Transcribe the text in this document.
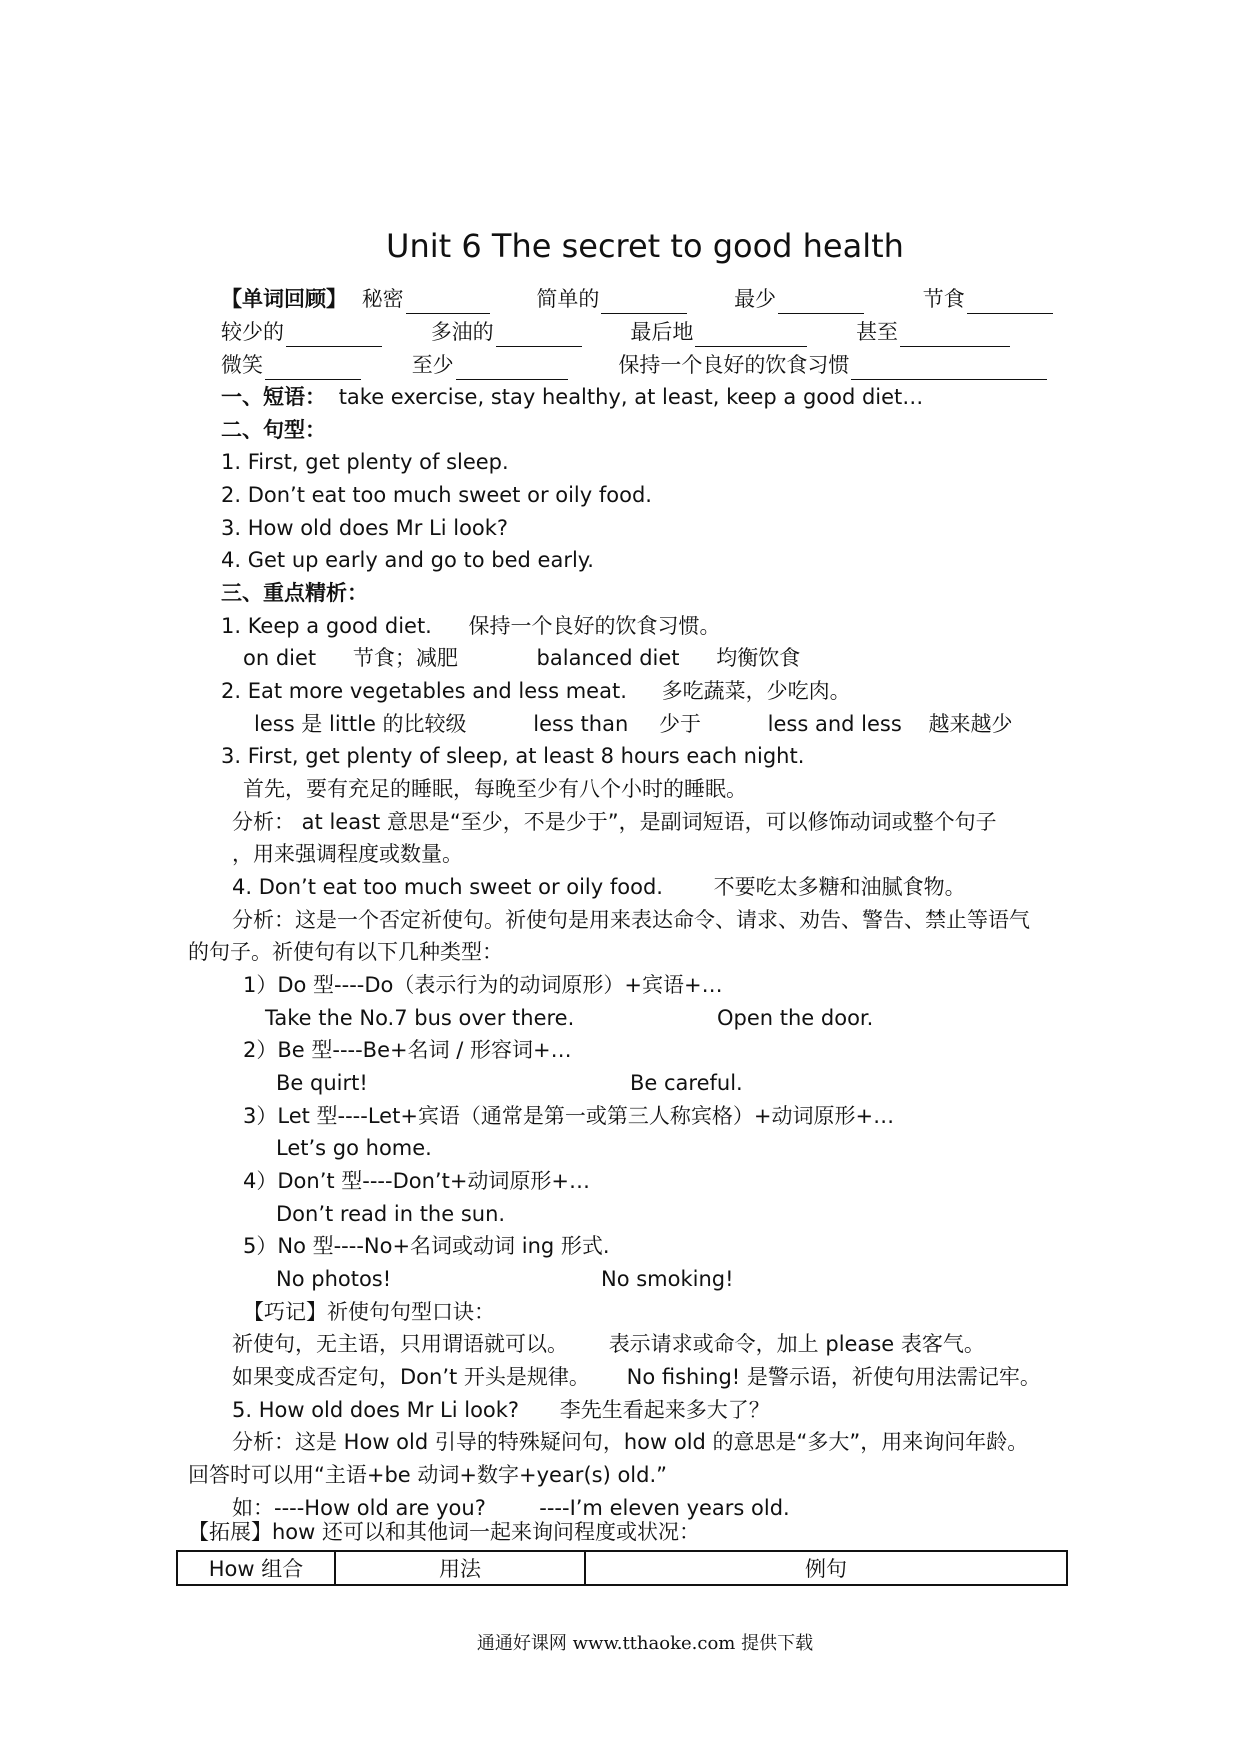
Unit 6 The secret to good health
【单词回顾】 秘密	简单的	最少	节食
较少的	多油的	最后地	甚至
微笑	至少	保持一个良好的饮食习惯
一、短语： take exercise, stay healthy, at least, keep a good diet…
二、句型：
1. First, get plenty of sleep.
2. Don’t eat too much sweet or oily food.
3. How old does Mr Li look?
4. Get up early and go to bed early.
三、重点精析：
1. Keep a good diet. 保持一个良好的饮食习惯。
on diet 节食；减肥	balanced diet 均衡饮食
2. Eat more vegetables and less meat. 多吃蔬菜，少吃肉。
less 是 little 的比较级	less than 少于	less and less 越来越少
3. First, get plenty of sleep, at least 8 hours each night.
首先，要有充足的睡眠，每晚至少有八个小时的睡眠。
分析： at least 意思是“至少，不是少于”，是副词短语，可以修饰动词或整个句子
，用来强调程度或数量。
4. Don’t eat too much sweet or oily food. 不要吃太多糖和油腻食物。
分析：这是一个否定祈使句。祈使句是用来表达命令、请求、劝告、警告、禁止等语气
的句子。祈使句有以下几种类型：
1）Do 型----Do（表示行为的动词原形）+宾语+…
Take the No.7 bus over there.	Open the door.
2）Be 型----Be+名词 / 形容词+…
Be quirt!	Be careful.
3）Let 型----Let+宾语（通常是第一或第三人称宾格）+动词原形+…
Let’s go home.
4）Don’t 型----Don’t+动词原形+…
Don’t read in the sun.
5）No 型----No+名词或动词 ing 形式.
No photos!	No smoking!
【巧记】祈使句句型口诀：
祈使句，无主语，只用谓语就可以。 表示请求或命令，加上 please 表客气。
如果变成否定句，Don’t 开头是规律。 No fishing! 是警示语，祈使句用法需记牢。
5. How old does Mr Li look? 李先生看起来多大了？
分析：这是 How old 引导的特殊疑问句，how old 的意思是“多大”，用来询问年龄。
回答时可以用“主语+be 动词+数字+year(s) old.”
如：----How old are you?        ----I’m eleven years old.
【拓展】how 还可以和其他词一起来询问程度或状况：
How 组合	用法	例句
通通好课网 www.tthaoke.com 提供下载
